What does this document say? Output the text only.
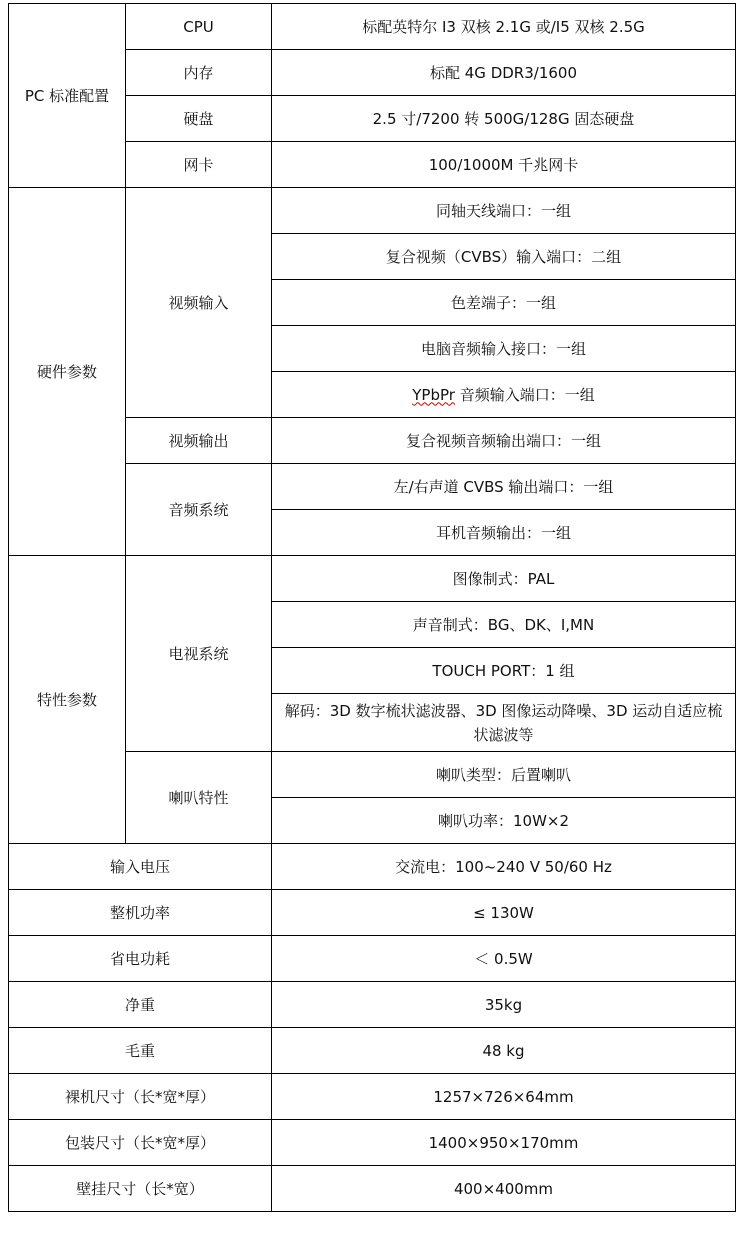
PC 标准配置	CPU	标配英特尔 I3 双核 2.1G 或/I5 双核 2.5G
	内存	标配 4G DDR3/1600
	硬盘	2.5 寸/7200 转 500G/128G 固态硬盘
	网卡	100/1000M 千兆网卡
硬件参数	视频输入	同轴天线端口：一组
		复合视频（CVBS）输入端口：二组
		色差端子：一组
		电脑音频输入接口：一组
		YPbPr 音频输入端口：一组
	视频输出	复合视频音频输出端口：一组
	音频系统	左/右声道 CVBS 输出端口：一组
		耳机音频输出：一组
特性参数	电视系统	图像制式：PAL
		声音制式：BG、DK、I,MN
		TOUCH PORT：1 组
		解码：3D 数字梳状滤波器、3D 图像运动降噪、3D 运动自适应梳状滤波等
	喇叭特性	喇叭类型：后置喇叭
		喇叭功率：10W×2
输入电压		交流电：100~240 V 50/60 Hz
整机功率		≤ 130W
省电功耗		＜ 0.5W
净重		35kg
毛重		48 kg
裸机尺寸（长*宽*厚）		1257×726×64mm
包装尺寸（长*宽*厚）		1400×950×170mm
壁挂尺寸（长*宽）		400×400mm
